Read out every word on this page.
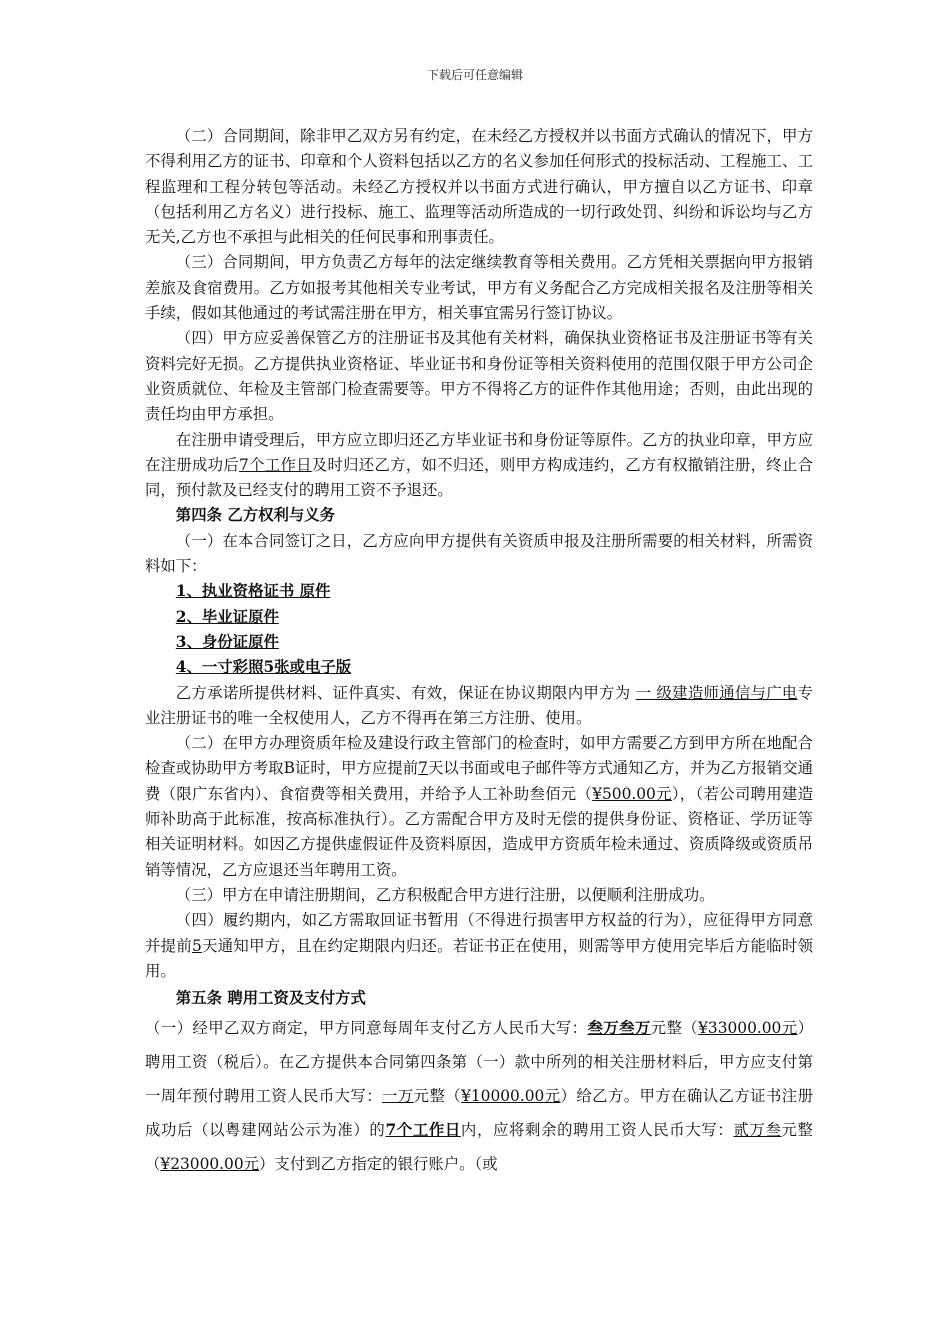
下载后可任意编辑

（二）合同期间，除非甲乙双方另有约定，在未经乙方授权并以书面方式确认的情况下，甲方不得利用乙方的证书、印章和个人资料包括以乙方的名义参加任何形式的投标活动、工程施工、工程监理和工程分转包等活动。未经乙方授权并以书面方式进行确认，甲方擅自以乙方证书、印章（包括利用乙方名义）进行投标、施工、监理等活动所造成的一切行政处罚、纠纷和诉讼均与乙方无关,乙方也不承担与此相关的任何民事和刑事责任。

（三）合同期间，甲方负责乙方每年的法定继续教育等相关费用。乙方凭相关票据向甲方报销差旅及食宿费用。乙方如报考其他相关专业考试，甲方有义务配合乙方完成相关报名及注册等相关手续，假如其他通过的考试需注册在甲方，相关事宜需另行签订协议。

（四）甲方应妥善保管乙方的注册证书及其他有关材料，确保执业资格证书及注册证书等有关资料完好无损。乙方提供执业资格证、毕业证书和身份证等相关资料使用的范围仅限于甲方公司企业资质就位、年检及主管部门检查需要等。甲方不得将乙方的证件作其他用途；否则，由此出现的责任均由甲方承担。

在注册申请受理后，甲方应立即归还乙方毕业证书和身份证等原件。乙方的执业印章，甲方应在注册成功后7个工作日及时归还乙方，如不归还，则甲方构成违约，乙方有权撤销注册，终止合同，预付款及已经支付的聘用工资不予退还。

第四条 乙方权利与义务

（一）在本合同签订之日，乙方应向甲方提供有关资质申报及注册所需要的相关材料，所需资料如下：

1、执业资格证书 原件

2、毕业证原件

3、身份证原件

4、一寸彩照5张或电子版

乙方承诺所提供材料、证件真实、有效，保证在协议期限内甲方为 一 级建造师通信与广电专业注册证书的唯一全权使用人，乙方不得再在第三方注册、使用。

（二）在甲方办理资质年检及建设行政主管部门的检查时，如甲方需要乙方到甲方所在地配合检查或协助甲方考取B证时，甲方应提前7天以书面或电子邮件等方式通知乙方，并为乙方报销交通费（限广东省内）、食宿费等相关费用，并给予人工补助叁佰元（¥500.00元），（若公司聘用建造师补助高于此标准，按高标准执行）。乙方需配合甲方及时无偿的提供身份证、资格证、学历证等相关证明材料。如因乙方提供虚假证件及资料原因，造成甲方资质年检未通过、资质降级或资质吊销等情况，乙方应退还当年聘用工资。

（三）甲方在申请注册期间，乙方积极配合甲方进行注册，以便顺利注册成功。

（四）履约期内，如乙方需取回证书暂用（不得进行损害甲方权益的行为），应征得甲方同意并提前5天通知甲方，且在约定期限内归还。若证书正在使用，则需等甲方使用完毕后方能临时领用。

第五条 聘用工资及支付方式

（一）经甲乙双方商定，甲方同意每周年支付乙方人民币大写：叁万叁万元整（¥33000.00元）聘用工资（税后）。在乙方提供本合同第四条第（一）款中所列的相关注册材料后，甲方应支付第一周年预付聘用工资人民币大写：一万元整（¥10000.00元）给乙方。甲方在确认乙方证书注册成功后（以粤建网站公示为准）的7个工作日内，应将剩余的聘用工资人民币大写：贰万叁元整（¥23000.00元）支付到乙方指定的银行账户。（或
